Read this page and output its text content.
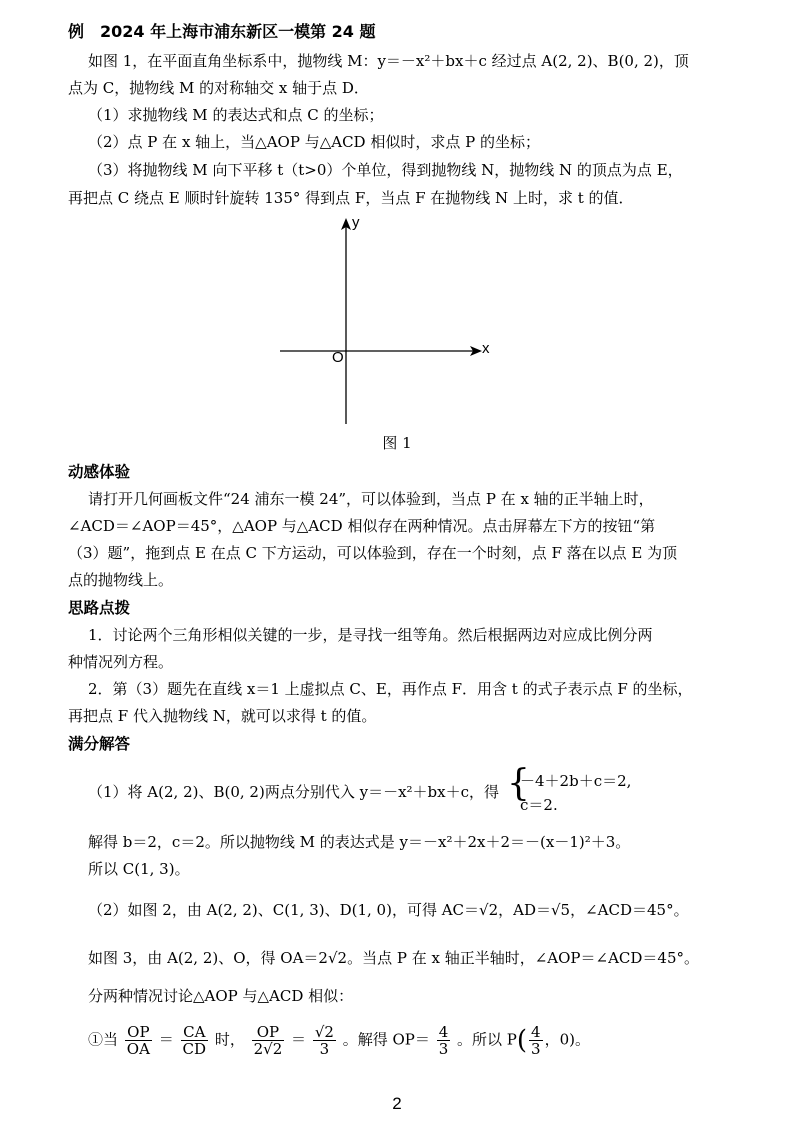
例　2024 年上海市浦东新区一模第 24 题
如图 1，在平面直角坐标系中，抛物线 M：y＝－x²＋bx＋c 经过点 A(2, 2)、B(0, 2)，顶
点为 C，抛物线 M 的对称轴交 x 轴于点 D．
（1）求抛物线 M 的表达式和点 C 的坐标；
（2）点 P 在 x 轴上，当△AOP 与△ACD 相似时，求点 P 的坐标；
（3）将抛物线 M 向下平移 t（t>0）个单位，得到抛物线 N，抛物线 N 的顶点为点 E，
再把点 C 绕点 E 顺时针旋转 135° 得到点 F，当点 F 在抛物线 N 上时，求 t 的值．
y
x
O
图 1
动感体验
请打开几何画板文件“24 浦东一模 24”，可以体验到，当点 P 在 x 轴的正半轴上时，
∠ACD＝∠AOP＝45°，△AOP 与△ACD 相似存在两种情况。点击屏幕左下方的按钮“第
（3）题”，拖到点 E 在点 C 下方运动，可以体验到，存在一个时刻，点 F 落在以点 E 为顶
点的抛物线上。
思路点拨
1．讨论两个三角形相似关键的一步，是寻找一组等角。然后根据两边对应成比例分两
种情况列方程。
2．第（3）题先在直线 x＝1 上虚拟点 C、E，再作点 F．用含 t 的式子表示点 F 的坐标，
再把点 F 代入抛物线 N，就可以求得 t 的值。
满分解答
（1）将 A(2, 2)、B(0, 2)两点分别代入 y＝－x²＋bx＋c，得 {
－4＋2b＋c＝2,
c＝2.
解得 b＝2，c＝2。所以抛物线 M 的表达式是 y＝－x²＋2x＋2＝－(x－1)²＋3。
所以 C(1, 3)。
（2）如图 2，由 A(2, 2)、C(1, 3)、D(1, 0)，可得 AC＝√2，AD＝√5，∠ACD＝45°。
如图 3，由 A(2, 2)、O，得 OA＝2√2。当点 P 在 x 轴正半轴时，∠AOP＝∠ACD＝45°。
分两种情况讨论△AOP 与△ACD 相似：
①当 $\frac{OP}{OA} = \frac{CA}{CD}$ 时， $\frac{OP}{2√2} = \frac{√2}{3}$ 。解得 $OP= \frac{4}{3}$ 。所以 $P( \frac{4}{3}$ ，0)。
2
